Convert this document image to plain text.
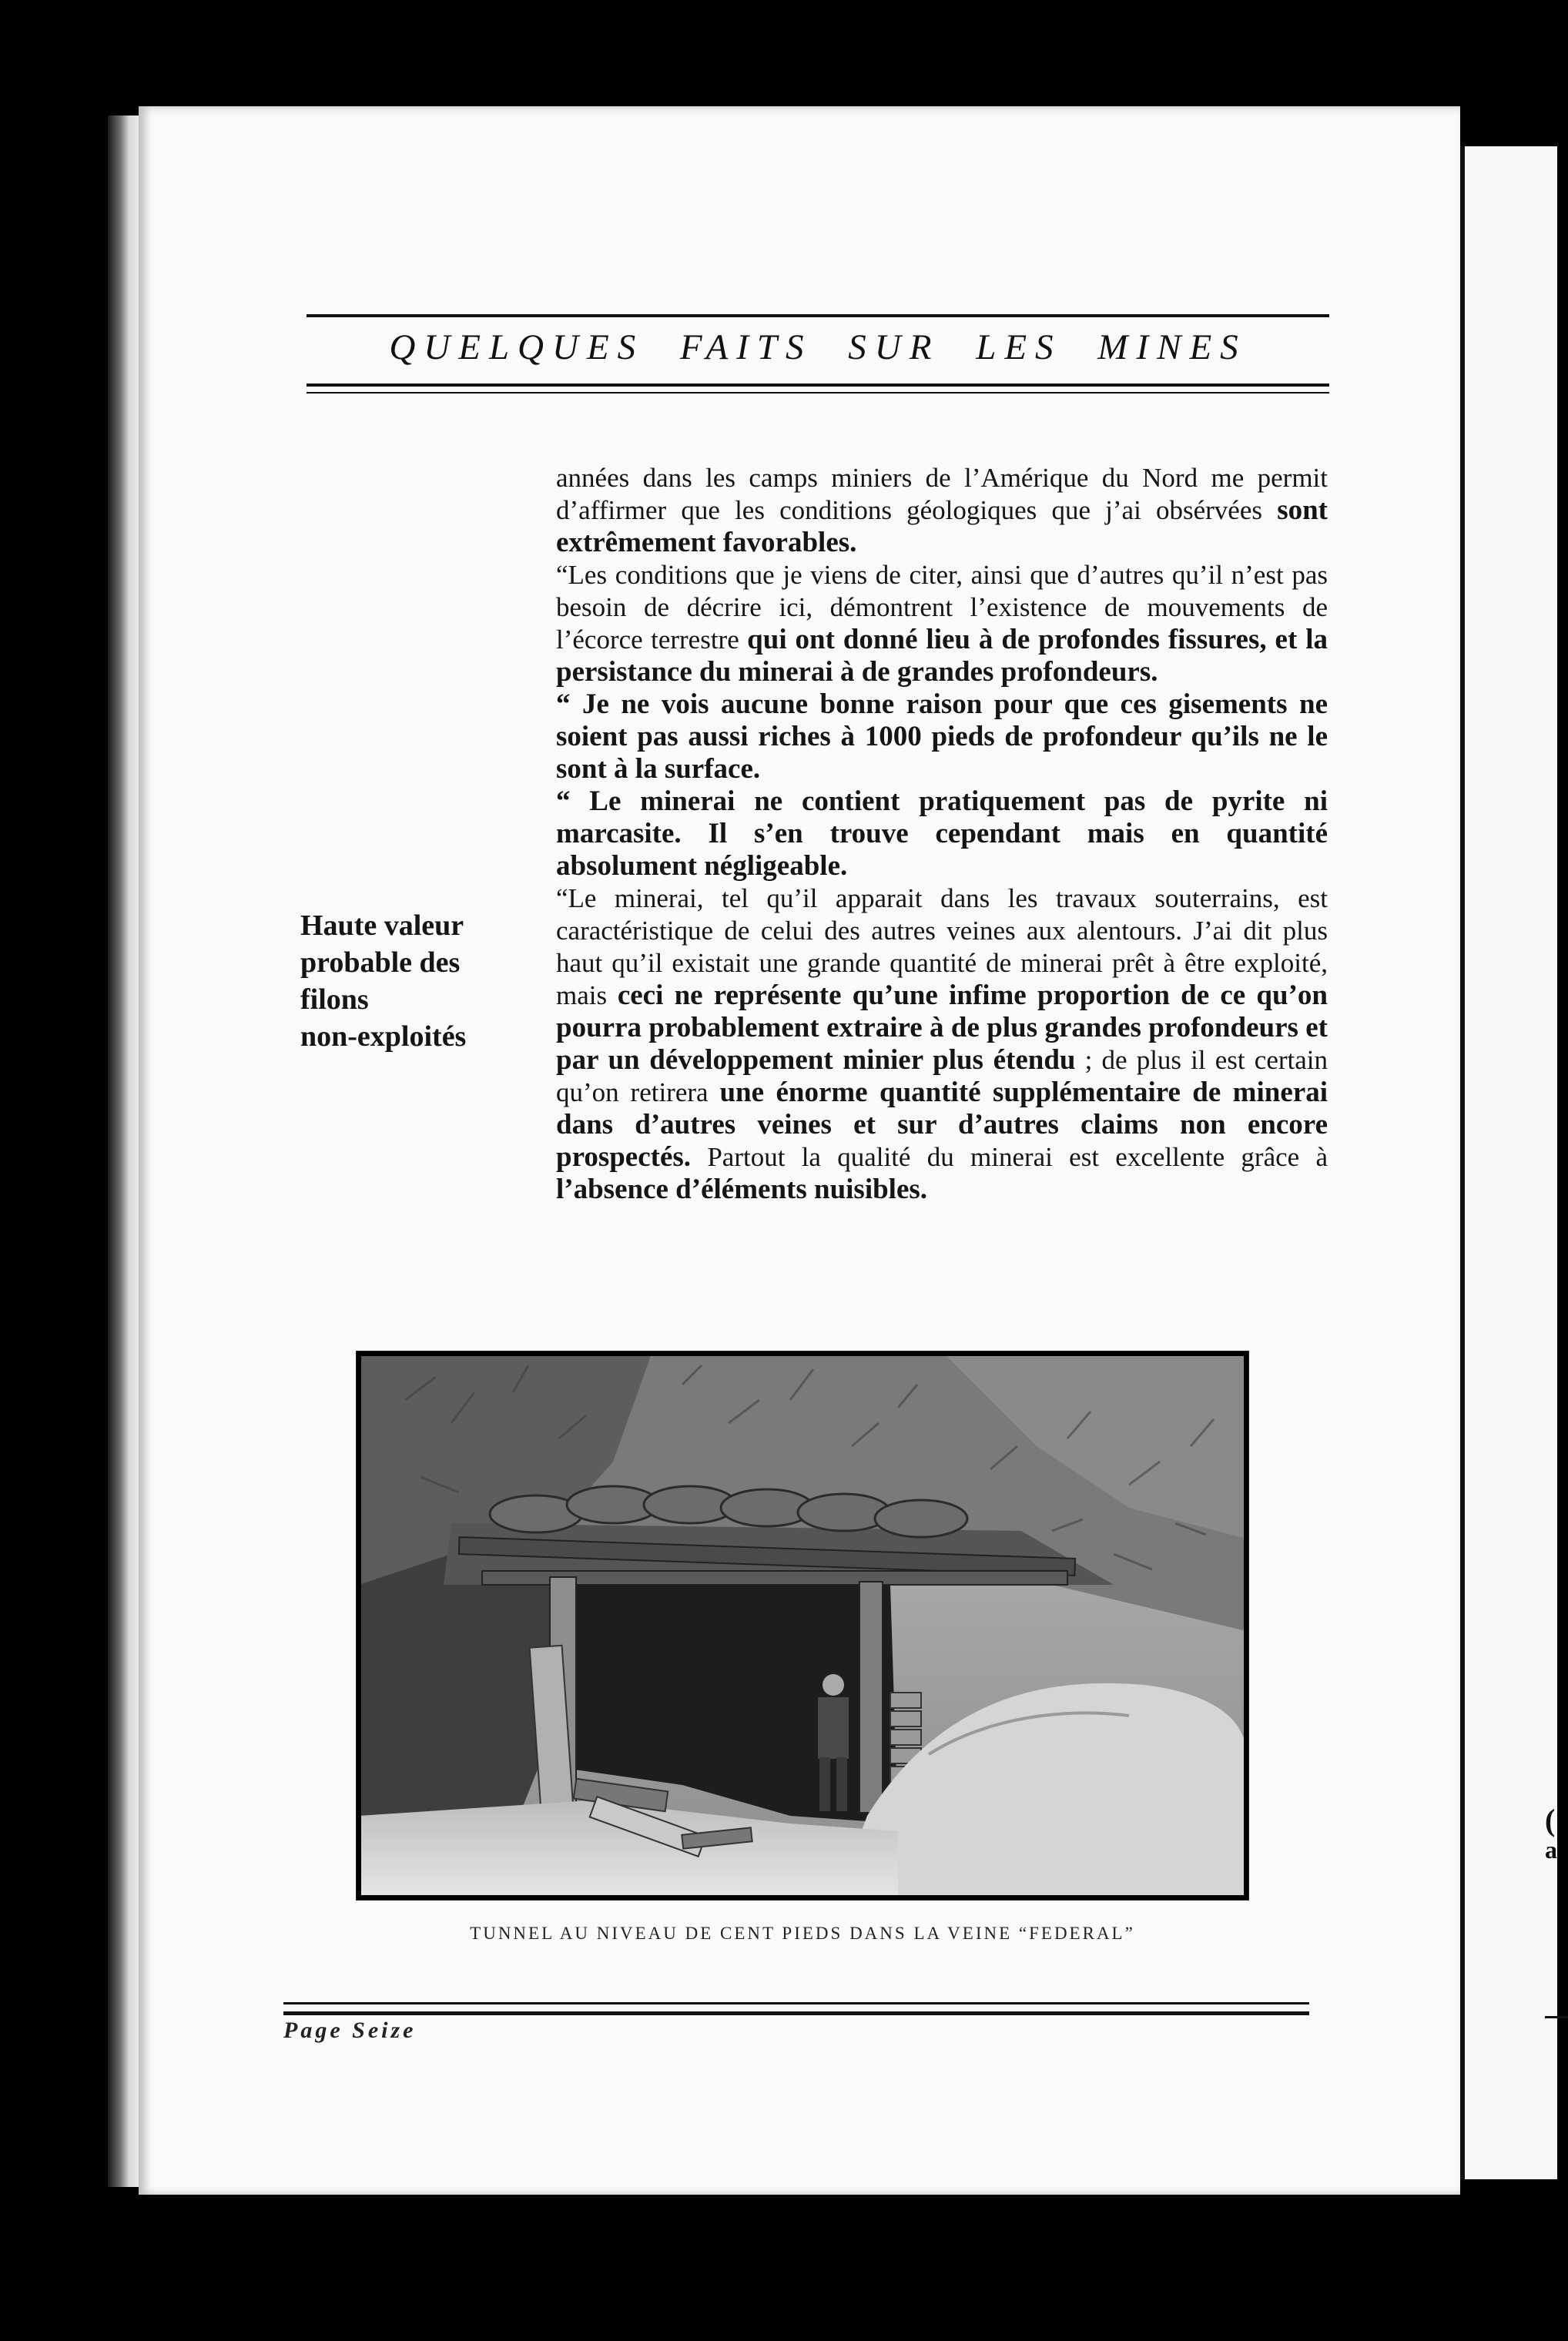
(
a
QUELQUES FAITS SUR LES MINES
Haute valeur
probable des
filons
non-exploités

années dans les camps miniers de l’Amérique du Nord me permit d’affirmer que les conditions géologiques que j’ai obsérvées sont extrêmement favorables.

“Les conditions que je viens de citer, ainsi que d’autres qu’il n’est pas besoin de décrire ici, démontrent l’existence de mouvements de l’écorce terrestre qui ont donné lieu à de profondes fissures, et la persistance du minerai à de grandes profondeurs.

“ Je ne vois aucune bonne raison pour que ces gisements ne soient pas aussi riches à 1000 pieds de profondeur qu’ils ne le sont à la surface.

“ Le minerai ne contient pratiquement pas de pyrite ni marcasite. Il s’en trouve cependant mais en quantité absolument négligeable.

“Le minerai, tel qu’il apparait dans les travaux souterrains, est caractéristique de celui des autres veines aux alentours. J’ai dit plus haut qu’il existait une grande quantité de minerai prêt à être exploité, mais ceci ne représente qu’une infime proportion de ce qu’on pourra probablement extraire à de plus grandes profondeurs et par un développement minier plus étendu ; de plus il est certain qu’on retirera une énorme quantité supplémentaire de minerai dans d’autres veines et sur d’autres claims non encore prospectés. Partout la qualité du minerai est excellente grâce à l’absence d’éléments nuisibles.

TUNNEL AU NIVEAU DE CENT PIEDS DANS LA VEINE “FEDERAL”
Page Seize
